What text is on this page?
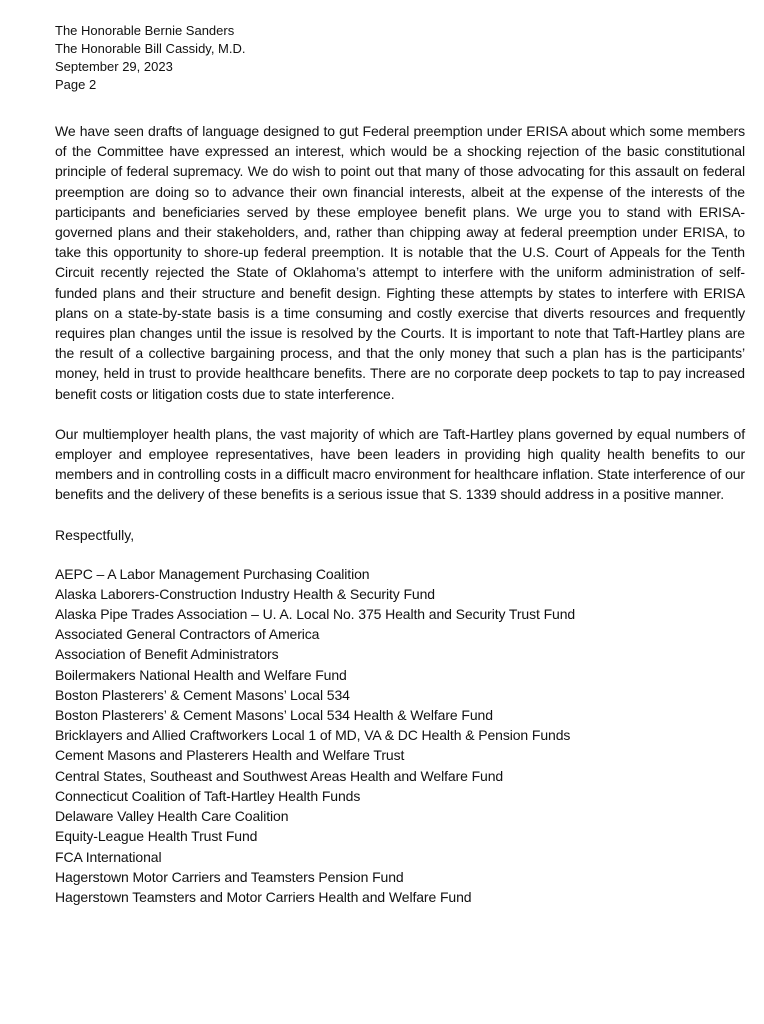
The Honorable Bernie Sanders
The Honorable Bill Cassidy, M.D.
September 29, 2023
Page 2

We have seen drafts of language designed to gut Federal preemption under ERISA about which some members of the Committee have expressed an interest, which would be a shocking rejection of the basic constitutional principle of federal supremacy. We do wish to point out that many of those advocating for this assault on federal preemption are doing so to advance their own financial interests, albeit at the expense of the interests of the participants and beneficiaries served by these employee benefit plans. We urge you to stand with ERISA-governed plans and their stakeholders, and, rather than chipping away at federal preemption under ERISA, to take this opportunity to shore-up federal preemption. It is notable that the U.S. Court of Appeals for the Tenth Circuit recently rejected the State of Oklahoma’s attempt to interfere with the uniform administration of self-funded plans and their structure and benefit design. Fighting these attempts by states to interfere with ERISA plans on a state-by-state basis is a time consuming and costly exercise that diverts resources and frequently requires plan changes until the issue is resolved by the Courts. It is important to note that Taft-Hartley plans are the result of a collective bargaining process, and that the only money that such a plan has is the participants’ money, held in trust to provide healthcare benefits. There are no corporate deep pockets to tap to pay increased benefit costs or litigation costs due to state interference.

Our multiemployer health plans, the vast majority of which are Taft-Hartley plans governed by equal numbers of employer and employee representatives, have been leaders in providing high quality health benefits to our members and in controlling costs in a difficult macro environment for healthcare inflation. State interference of our benefits and the delivery of these benefits is a serious issue that S. 1339 should address in a positive manner.

Respectfully,
AEPC – A Labor Management Purchasing Coalition
Alaska Laborers-Construction Industry Health & Security Fund
Alaska Pipe Trades Association – U. A. Local No. 375 Health and Security Trust Fund
Associated General Contractors of America
Association of Benefit Administrators
Boilermakers National Health and Welfare Fund
Boston Plasterers’ & Cement Masons’ Local 534
Boston Plasterers’ & Cement Masons’ Local 534 Health & Welfare Fund
Bricklayers and Allied Craftworkers Local 1 of MD, VA & DC Health & Pension Funds
Cement Masons and Plasterers Health and Welfare Trust
Central States, Southeast and Southwest Areas Health and Welfare Fund
Connecticut Coalition of Taft-Hartley Health Funds
Delaware Valley Health Care Coalition
Equity-League Health Trust Fund
FCA International
Hagerstown Motor Carriers and Teamsters Pension Fund
Hagerstown Teamsters and Motor Carriers Health and Welfare Fund
